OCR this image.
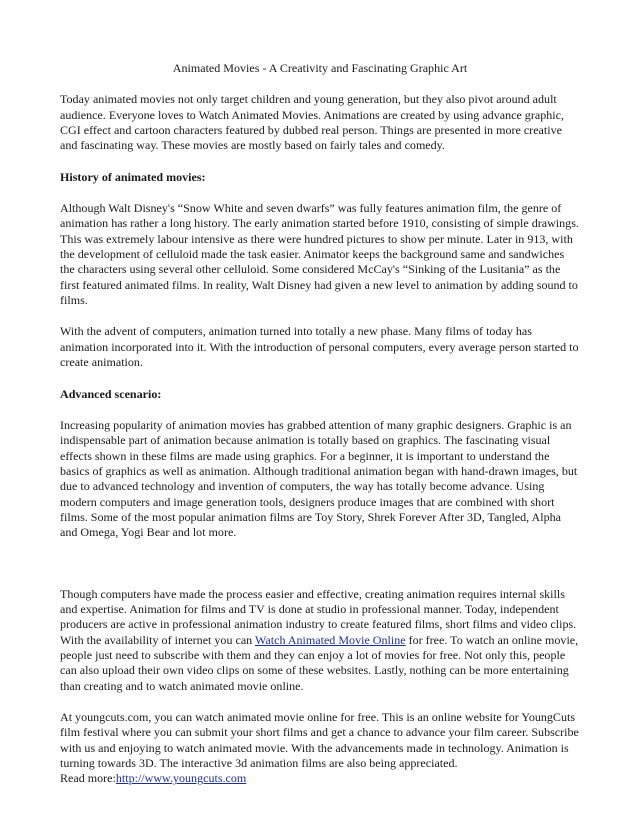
Animated Movies - A Creativity and Fascinating Graphic Art
Today animated movies not only target children and young generation, but they also pivot around adult audience. Everyone loves to Watch Animated Movies. Animations are created by using advance graphic, CGI effect and cartoon characters featured by dubbed real person. Things are presented in more creative and fascinating way. These movies are mostly based on fairly tales and comedy.
History of animated movies:
Although Walt Disney's “Snow White and seven dwarfs” was fully features animation film, the genre of animation has rather a long history. The early animation started before 1910, consisting of simple drawings. This was extremely labour intensive as there were hundred pictures to show per minute. Later in 913, with the development of celluloid made the task easier. Animator keeps the background same and sandwiches the characters using several other celluloid. Some considered McCay's “Sinking of the Lusitania” as the first featured animated films. In reality, Walt Disney had given a new level to animation by adding sound to films.
With the advent of computers, animation turned into totally a new phase. Many films of today has animation incorporated into it. With the introduction of personal computers, every average person started to create animation.
Advanced scenario:
Increasing popularity of animation movies has grabbed attention of many graphic designers. Graphic is an indispensable part of animation because animation is totally based on graphics. The fascinating visual effects shown in these films are made using graphics. For a beginner, it is important to understand the basics of graphics as well as animation. Although traditional animation began with hand-drawn images, but due to advanced technology and invention of computers, the way has totally become advance. Using modern computers and image generation tools, designers produce images that are combined with short films. Some of the most popular animation films are Toy Story, Shrek Forever After 3D, Tangled, Alpha and Omega, Yogi Bear and lot more.
Though computers have made the process easier and effective, creating animation requires internal skills and expertise. Animation for films and TV is done at studio in professional manner. Today, independent producers are active in professional animation industry to create featured films, short films and video clips. With the availability of internet you can Watch Animated Movie Online for free. To watch an online movie, people just need to subscribe with them and they can enjoy a lot of movies for free. Not only this, people can also upload their own video clips on some of these websites. Lastly, nothing can be more entertaining than creating and to watch animated movie online.
At youngcuts.com, you can watch animated movie online for free. This is an online website for YoungCuts film festival where you can submit your short films and get a chance to advance your film career. Subscribe with us and enjoying to watch animated movie. With the advancements made in technology. Animation is turning towards 3D. The interactive 3d animation films are also being appreciated.
Read more:http://www.youngcuts.com
